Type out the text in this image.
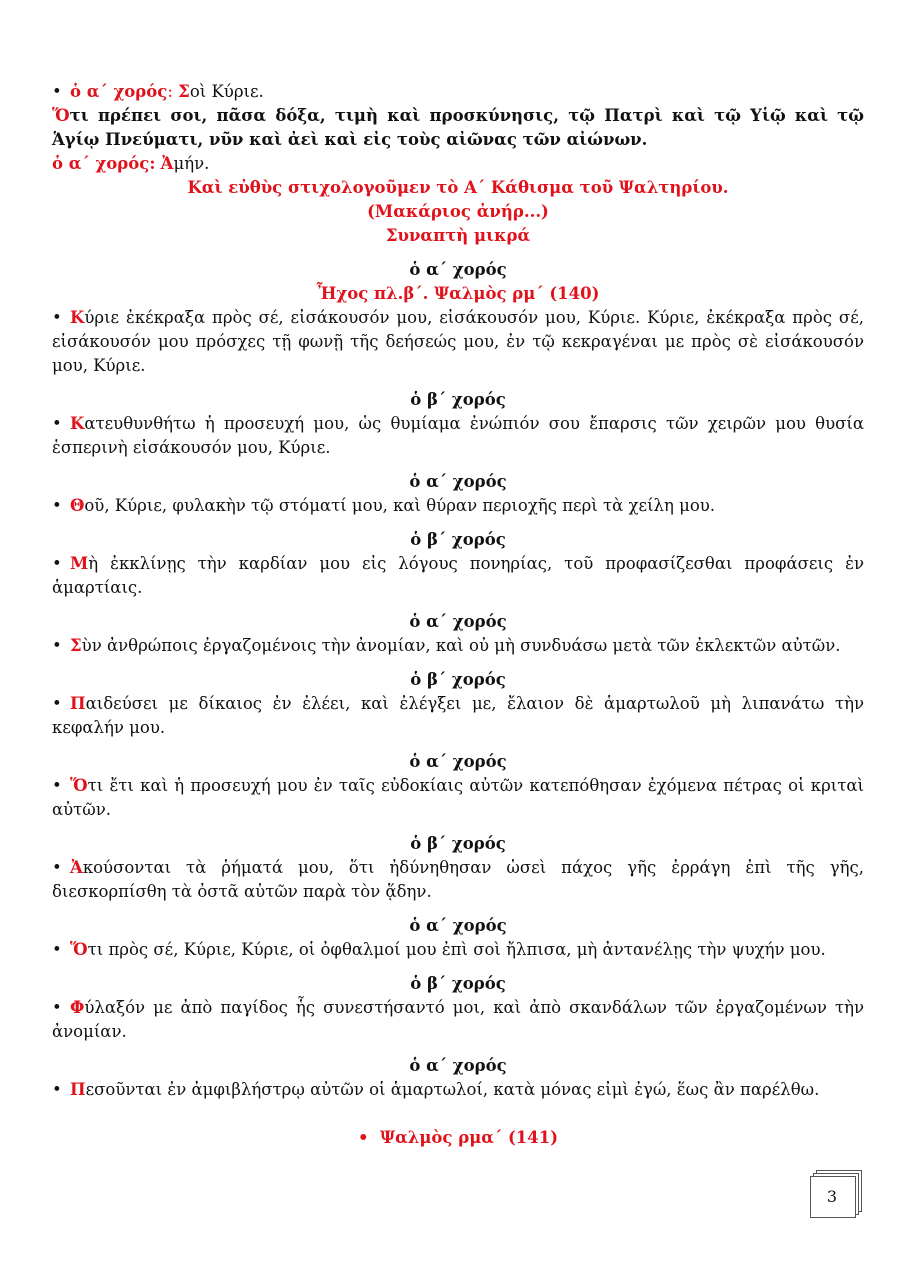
• ὁ α΄ χορός: Σοὶ Κύριε.

Ὅτι πρέπει σοι, πᾶσα δόξα, τιμὴ καὶ προσκύνησις, τῷ Πατρὶ καὶ τῷ Υἱῷ καὶ τῷ Ἁγίῳ Πνεύματι, νῦν καὶ ἀεὶ καὶ εἰς τοὺς αἰῶνας τῶν αἰώνων.

ὁ α΄ χορός: Ἀμήν.

Καὶ εὐθὺς στιχολογοῦμεν τὸ Α΄ Κάθισμα τοῦ Ψαλτηρίου.

(Μακάριος ἀνήρ...)

Συναπτὴ μικρά

ὁ α΄ χορός

Ἦχος πλ.β΄. Ψαλμὸς ρμ΄ (140)

• Κύριε ἐκέκραξα πρὸς σέ, εἰσάκουσόν μου, εἰσάκουσόν μου, Κύριε. Κύριε, ἐκέκραξα πρὸς σέ, εἰσάκουσόν μου πρόσχες τῇ φωνῇ τῆς δεήσεώς μου, ἐν τῷ κεκραγέναι με πρὸς σὲ εἰσάκουσόν μου, Κύριε.

ὁ β΄ χορός

• Κατευθυνθήτω ἡ προσευχή μου, ὡς θυμίαμα ἐνώπιόν σου ἔπαρσις τῶν χειρῶν μου θυσία ἑσπερινὴ εἰσάκουσόν μου, Κύριε.

ὁ α΄ χορός

• Θοῦ, Κύριε, φυλακὴν τῷ στόματί μου, καὶ θύραν περιοχῆς περὶ τὰ χείλη μου.

ὁ β΄ χορός

• Μὴ ἐκκλίνῃς τὴν καρδίαν μου εἰς λόγους πονηρίας, τοῦ προφασίζεσθαι προφάσεις ἐν ἁμαρτίαις.

ὁ α΄ χορός

• Σὺν ἀνθρώποις ἐργαζομένοις τὴν ἀνομίαν, καὶ οὐ μὴ συνδυάσω μετὰ τῶν ἐκλεκτῶν αὐτῶν.

ὁ β΄ χορός

• Παιδεύσει με δίκαιος ἐν ἐλέει, καὶ ἐλέγξει με, ἔλαιον δὲ ἁμαρτωλοῦ μὴ λιπανάτω τὴν κεφαλήν μου.

ὁ α΄ χορός

• Ὅτι ἔτι καὶ ἡ προσευχή μου ἐν ταῖς εὐδοκίαις αὐτῶν κατεπόθησαν ἐχόμενα πέτρας οἱ κριταὶ αὐτῶν.

ὁ β΄ χορός

• Ἀκούσονται τὰ ῥήματά μου, ὅτι ἠδύνηθησαν ὡσεὶ πάχος γῆς ἐρράγη ἐπὶ τῆς γῆς, διεσκορπίσθη τὰ ὀστᾶ αὐτῶν παρὰ τὸν ᾅδην.

ὁ α΄ χορός

• Ὅτι πρὸς σέ, Κύριε, Κύριε, οἱ ὀφθαλμοί μου ἐπὶ σοὶ ἤλπισα, μὴ ἀντανέλῃς τὴν ψυχήν μου.

ὁ β΄ χορός

• Φύλαξόν με ἀπὸ παγίδος ἧς συνεστήσαντό μοι, καὶ ἀπὸ σκανδάλων τῶν ἐργαζομένων τὴν ἀνομίαν.

ὁ α΄ χορός

• Πεσοῦνται ἐν ἀμφιβλήστρῳ αὐτῶν οἱ ἁμαρτωλοί, κατὰ μόνας εἰμὶ ἐγώ, ἕως ἂν παρέλθω.

• Ψαλμὸς ρμα΄ (141)

3
